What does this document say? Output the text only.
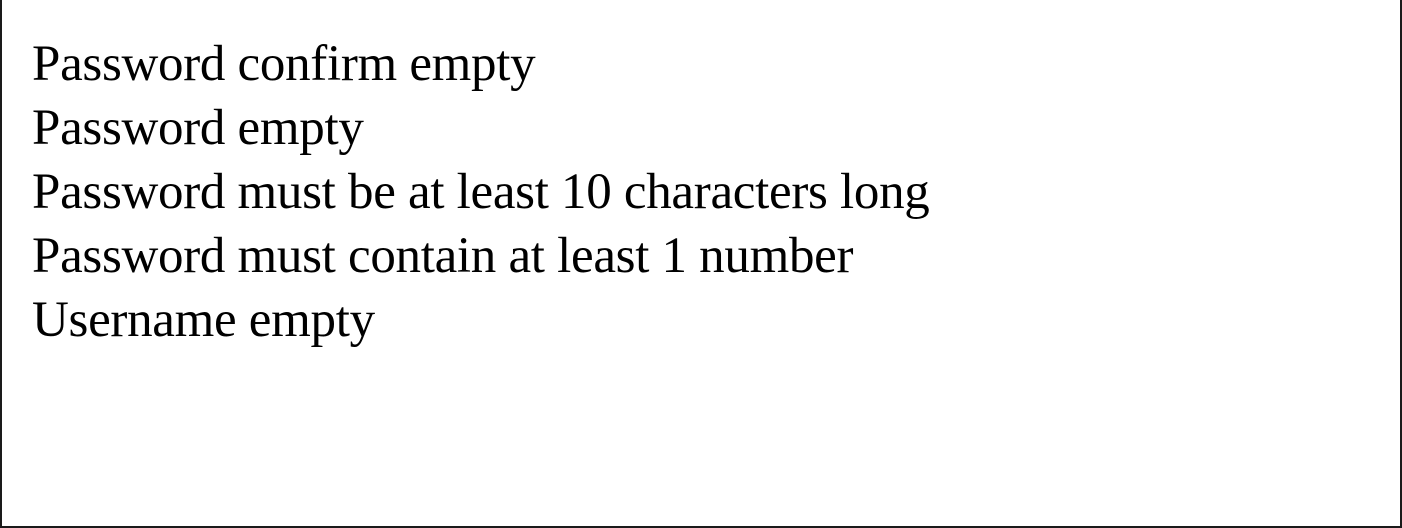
Password confirm empty
Password empty
Password must be at least 10 characters long
Password must contain at least 1 number
Username empty
